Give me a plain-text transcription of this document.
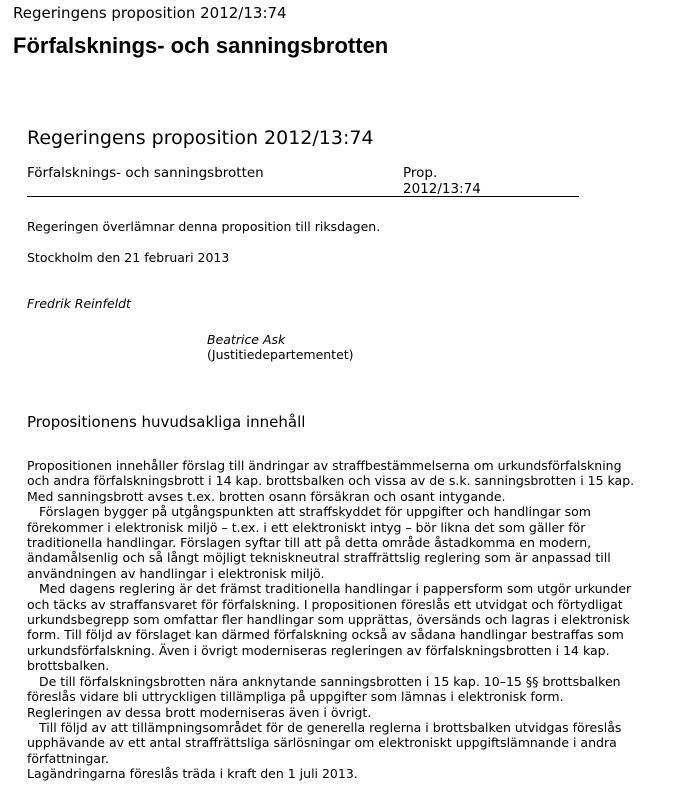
Regeringens proposition 2012/13:74
Förfalsknings- och sanningsbrotten
Regeringens proposition 2012/13:74
Förfalsknings- och sanningsbrotten	Prop.
2012/13:74
Regeringen överlämnar denna proposition till riksdagen.
Stockholm den 21 februari 2013
Fredrik Reinfeldt
Beatrice Ask
(Justitiedepartementet)
Propositionens huvudsakliga innehåll

Propositionen innehåller förslag till ändringar av straffbestämmelserna om urkundsförfalskning och andra förfalskningsbrott i 14 kap. brottsbalken och vissa av de s.k. sanningsbrotten i 15 kap. Med sanningsbrott avses t.ex. brotten osann försäkran och osant intygande.

Förslagen bygger på utgångspunkten att straffskyddet för uppgifter och handlingar som förekommer i elektronisk miljö – t.ex. i ett elektroniskt intyg – bör likna det som gäller för traditionella handlingar. Förslagen syftar till att på detta område åstadkomma en modern, ändamålsenlig och så långt möjligt tekniskneutral straffrättslig reglering som är anpassad till användningen av handlingar i elektronisk miljö.

Med dagens reglering är det främst traditionella handlingar i pappersform som utgör urkunder och täcks av straffansvaret för förfalskning. I propositionen föreslås ett utvidgat och förtydligat urkundsbegrepp som omfattar fler handlingar som upprättas, översänds och lagras i elektronisk form. Till följd av förslaget kan därmed förfalskning också av sådana handlingar bestraffas som urkundsförfalskning. Även i övrigt moderniseras regleringen av förfalskningsbrotten i 14 kap. brottsbalken.

De till förfalskningsbrotten nära anknytande sanningsbrotten i 15 kap. 10–15 §§ brottsbalken föreslås vidare bli uttryckligen tillämpliga på uppgifter som lämnas i elektronisk form. Regleringen av dessa brott moderniseras även i övrigt.

Till följd av att tillämpningsområdet för de generella reglerna i brottsbalken utvidgas föreslås upphävande av ett antal straffrättsliga särlösningar om elektroniskt uppgiftslämnande i andra författningar.

Lagändringarna föreslås träda i kraft den 1 juli 2013.
